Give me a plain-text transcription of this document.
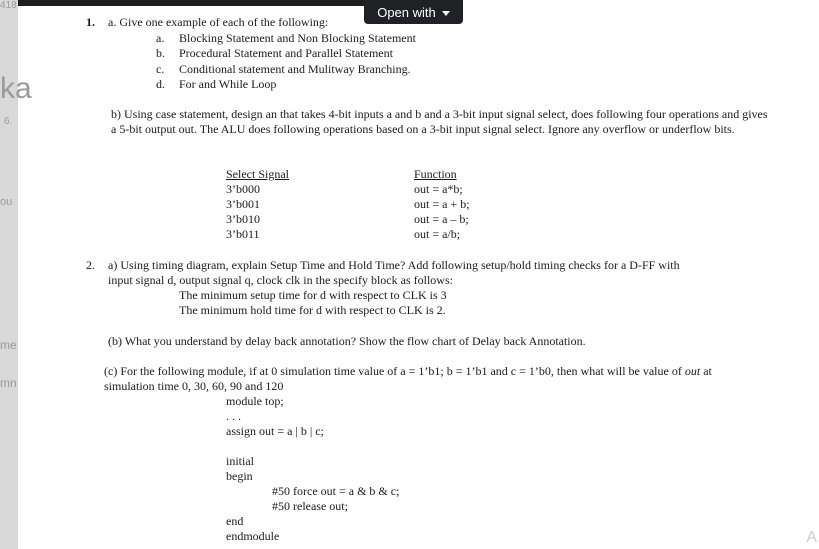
418
ka
6.
ou
me
mn
Open with
1. a. Give one example of each of the following:
a. Blocking Statement and Non Blocking Statement
b. Procedural Statement and Parallel Statement
c. Conditional statement and Mulitway Branching.
d. For and While Loop
b) Using case statement, design an that takes 4-bit inputs a and b and a 3-bit input signal select, does following four operations and gives a 5-bit output out. The ALU does following operations based on a 3-bit input signal select. Ignore any overflow or underflow bits.
Select Signal	Function
3’b000	out = a*b;
3’b001	out = a + b;
3’b010	out = a – b;
3’b011	out = a/b;
2. a) Using timing diagram, explain Setup Time and Hold Time? Add following setup/hold timing checks for a D-FF with
input signal d, output signal q, clock clk in the specify block as follows:
The minimum setup time for d with respect to CLK is 3
The minimum hold time for d with respect to CLK is 2.
(b) What you understand by delay back annotation? Show the flow chart of Delay back Annotation.
(c) For the following module, if at 0 simulation time value of a = 1’b1; b = 1’b1 and c = 1’b0, then what will be value of out at
simulation time 0, 30, 60, 90 and 120
module top;
. . .
assign out = a | b | c;
initial
begin
#50 force out = a & b & c;
#50 release out;
end
endmodule	A
